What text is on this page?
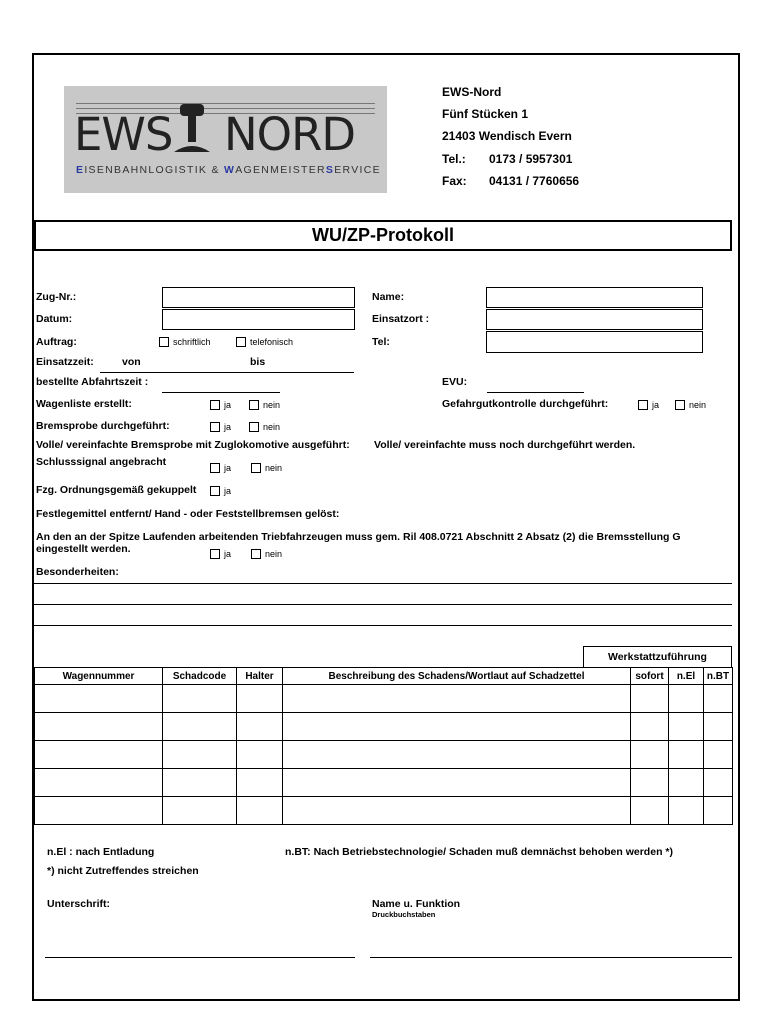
EWS NORD
EISENBAHNLOGISTIK & WAGENMEISTERSERVICE
EWS-Nord
Fünf Stücken 1
21403 Wendisch Evern
Tel.: 0173 / 5957301
Fax: 04131 / 7760656
WU/ZP-Protokoll
Zug-Nr.:
Datum:
Auftrag:	schriftlich	telefonisch
Einsatzzeit:	von	bis
bestellte Abfahrtszeit :
Name:
Einsatzort :
Tel:
EVU:
Wagenliste erstellt:	ja	nein	Gefahrgutkontrolle durchgeführt:	ja	nein
Bremsprobe durchgeführt:	ja	nein
Volle/ vereinfachte Bremsprobe mit Zuglokomotive ausgeführt: Volle/ vereinfachte muss noch durchgeführt werden.
Schlusssignal angebracht	ja	nein
Fzg. Ordnungsgemäß gekuppelt	ja
Festlegemittel entfernt/ Hand - oder Feststellbremsen gelöst:
An den an der Spitze Laufenden arbeitenden Triebfahrzeugen muss gem. Ril 408.0721 Abschnitt 2 Absatz (2) die Bremsstellung G
eingestellt werden.	ja	nein
Besonderheiten:
Werkstattzuführung
Wagennummer	Schadcode	Halter	Beschreibung des Schadens/Wortlaut auf Schadzettel	sofort	n.El	n.BT

n.El : nach Entladung	n.BT: Nach Betriebstechnologie/ Schaden muß demnächst behoben werden *)
*) nicht Zutreffendes streichen
Unterschrift:	Name u. Funktion
Druckbuchstaben
